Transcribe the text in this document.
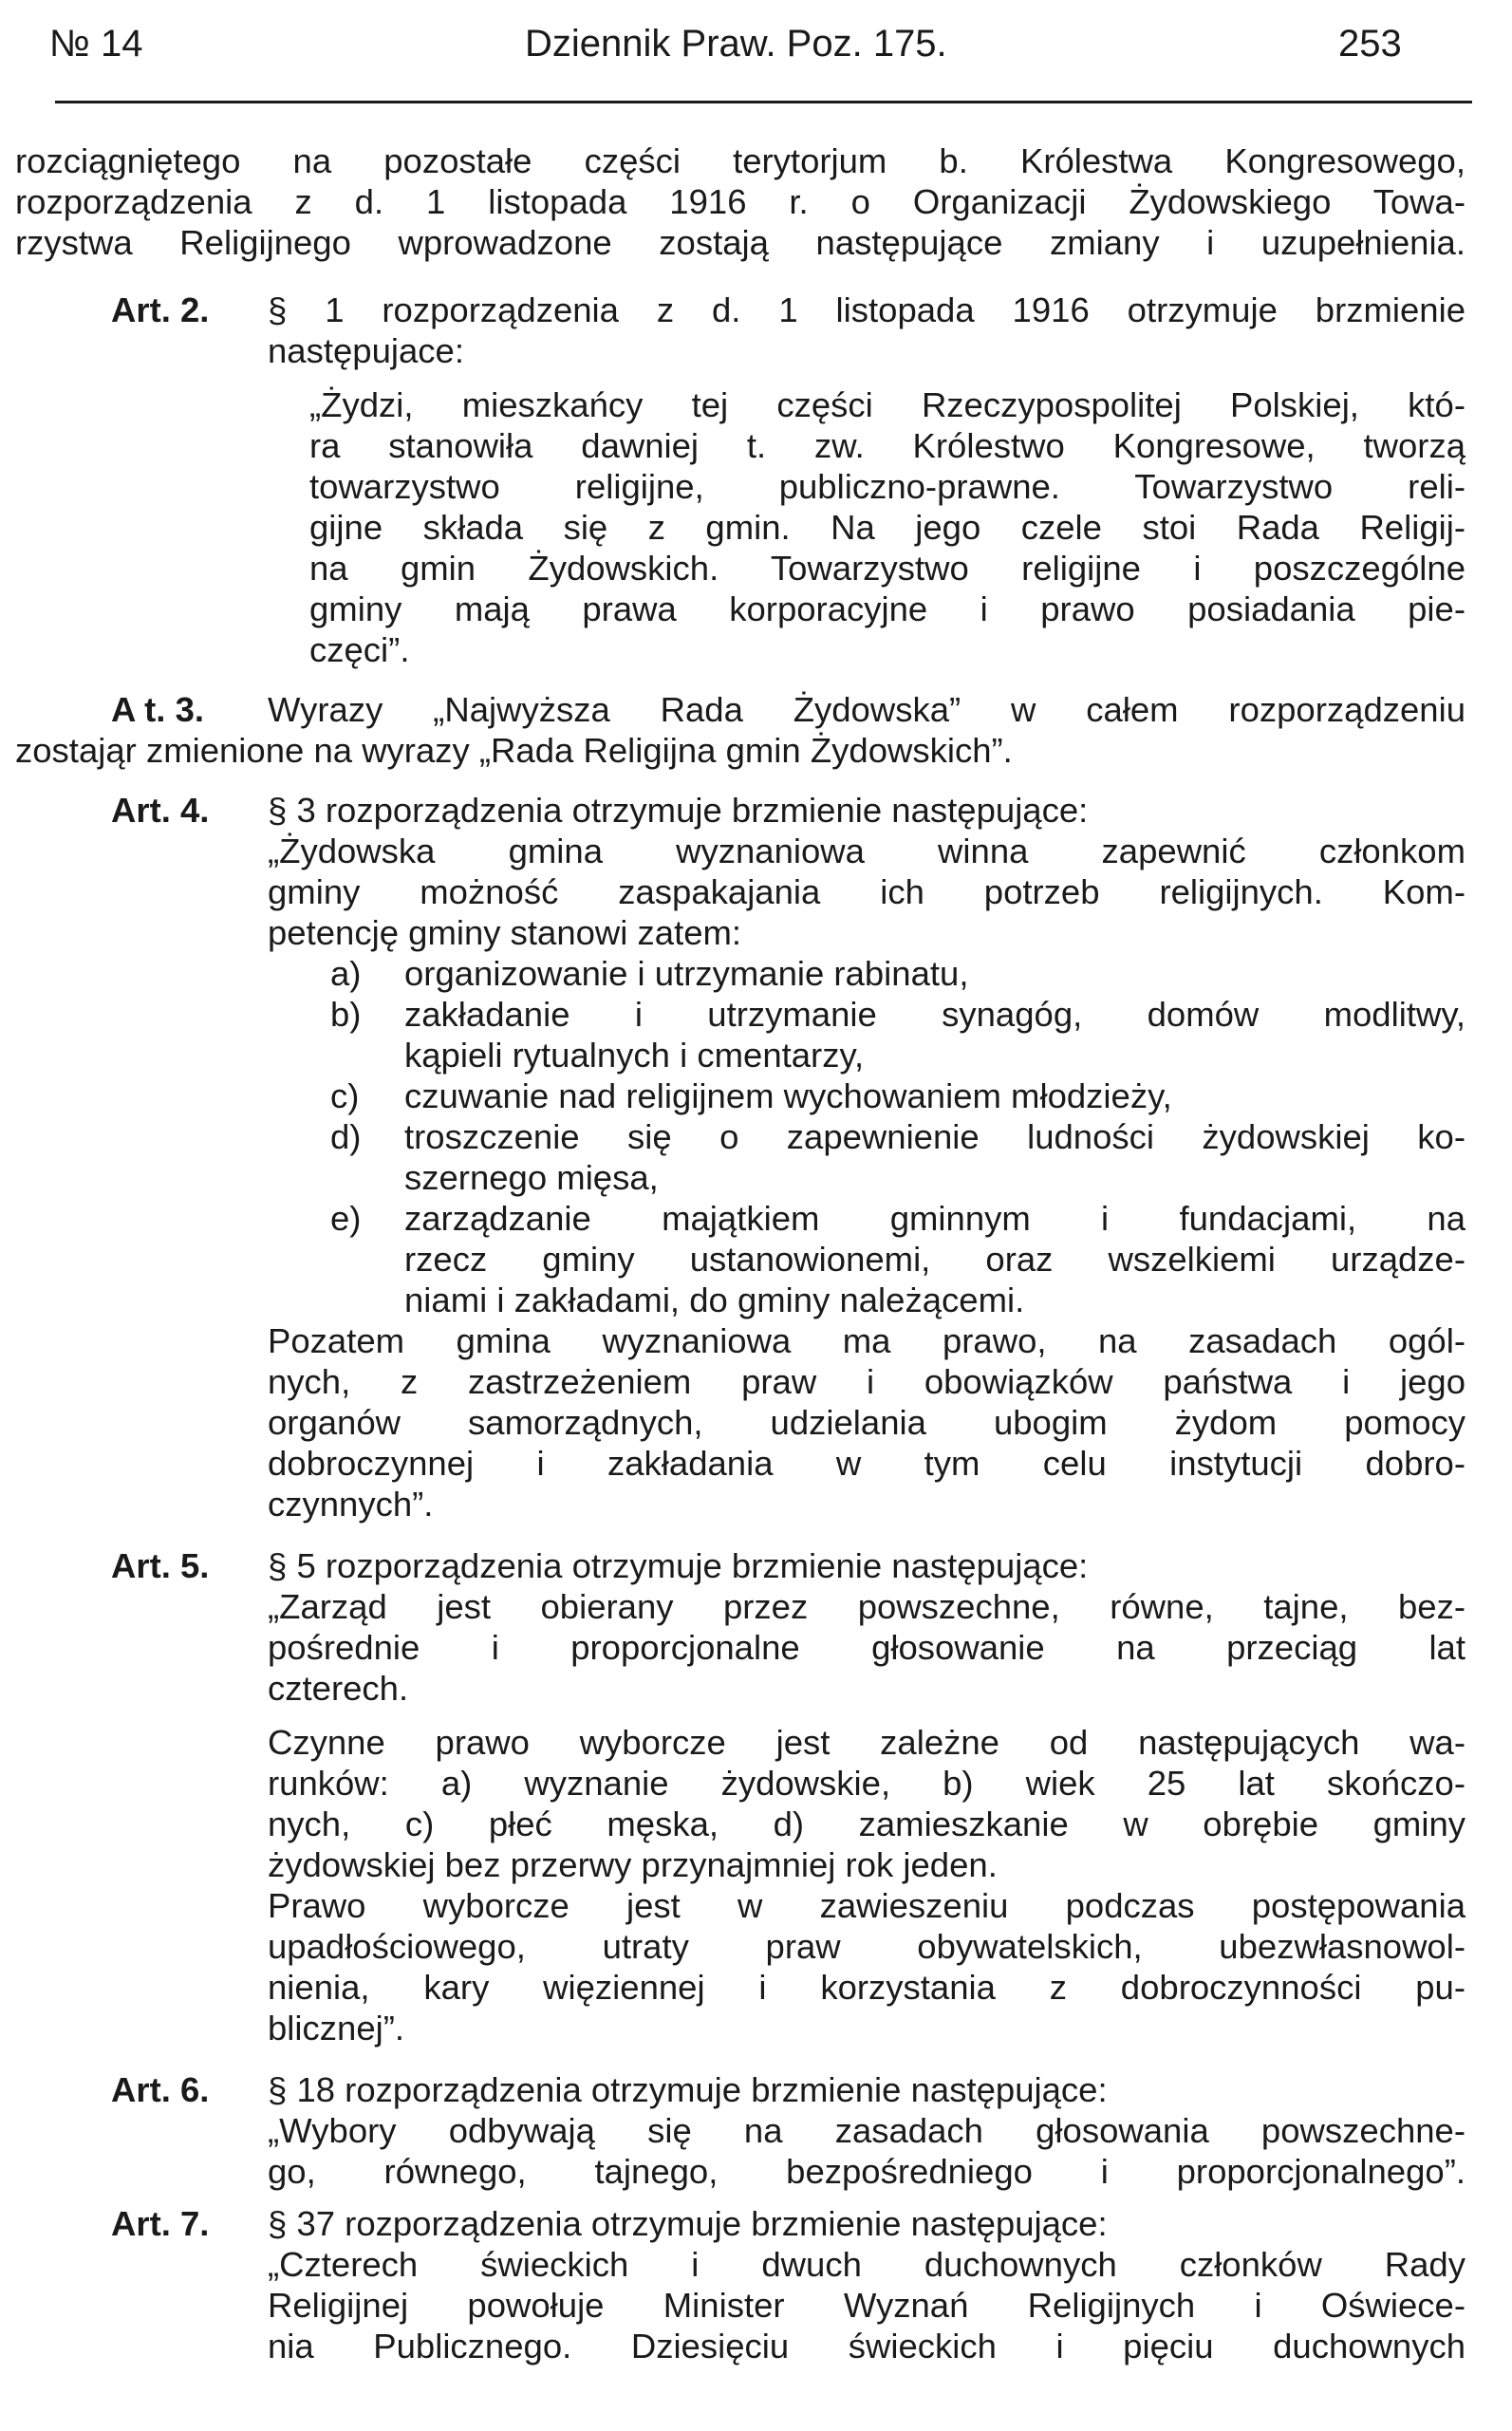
№ 14	Dziennik Praw. Poz. 175.	253
rozciągniętego na pozostałe części terytorjum b. Królestwa Kongresowego,
rozporządzenia z d. 1 listopada 1916 r. o Organizacji Żydowskiego Towa-
rzystwa Religijnego wprowadzone zostają następujące zmiany i uzupełnienia.
Art. 2.	§ 1 rozporządzenia z d. 1 listopada 1916 otrzymuje brzmienie
następujace:
„Żydzi, mieszkańcy tej części Rzeczypospolitej Polskiej, któ-
ra stanowiła dawniej t. zw. Królestwo Kongresowe, tworzą
towarzystwo religijne, publiczno-prawne. Towarzystwo reli-
gijne składa się z gmin. Na jego czele stoi Rada Religij-
na gmin Żydowskich. Towarzystwo religijne i poszczególne
gminy mają prawa korporacyjne i prawo posiadania pie-
częci”.
A t. 3.	Wyrazy „Najwyższa Rada Żydowska” w całem rozporządzeniu
zostająr zmienione na wyrazy „Rada Religijna gmin Żydowskich”.
Art. 4.	§ 3 rozporządzenia otrzymuje brzmienie następujące:
„Żydowska gmina wyznaniowa winna zapewnić członkom
gminy możność zaspakajania ich potrzeb religijnych. Kom-
petencję gminy stanowi zatem:
a)	organizowanie i utrzymanie rabinatu,
b)	zakładanie i utrzymanie synagóg, domów modlitwy,
kąpieli rytualnych i cmentarzy,
c)	czuwanie nad religijnem wychowaniem młodzieży,
d)	troszczenie się o zapewnienie ludności żydowskiej ko-
szernego mięsa,
e)	zarządzanie majątkiem gminnym i fundacjami, na
rzecz gminy ustanowionemi, oraz wszelkiemi urządze-
niami i zakładami, do gminy należącemi.
Pozatem gmina wyznaniowa ma prawo, na zasadach ogól-
nych, z zastrzeżeniem praw i obowiązków państwa i jego
organów samorządnych, udzielania ubogim żydom pomocy
dobroczynnej i zakładania w tym celu instytucji dobro-
czynnych”.
Art. 5.	§ 5 rozporządzenia otrzymuje brzmienie następujące:
„Zarząd jest obierany przez powszechne, równe, tajne, bez-
pośrednie i proporcjonalne głosowanie na przeciąg lat
czterech.
Czynne prawo wyborcze jest zależne od następujących wa-
runków: a) wyznanie żydowskie, b) wiek 25 lat skończo-
nych, c) płeć męska, d) zamieszkanie w obrębie gminy
żydowskiej bez przerwy przynajmniej rok jeden.
Prawo wyborcze jest w zawieszeniu podczas postępowania
upadłościowego, utraty praw obywatelskich, ubezwłasnowol-
nienia, kary więziennej i korzystania z dobroczynności pu-
blicznej”.
Art. 6.	§ 18 rozporządzenia otrzymuje brzmienie następujące:
„Wybory odbywają się na zasadach głosowania powszechne-
go, równego, tajnego, bezpośredniego i proporcjonalnego”.
Art. 7.	§ 37 rozporządzenia otrzymuje brzmienie następujące:
„Czterech świeckich i dwuch duchownych członków Rady
Religijnej powołuje Minister Wyznań Religijnych i Oświece-
nia Publicznego. Dziesięciu świeckich i pięciu duchownych
